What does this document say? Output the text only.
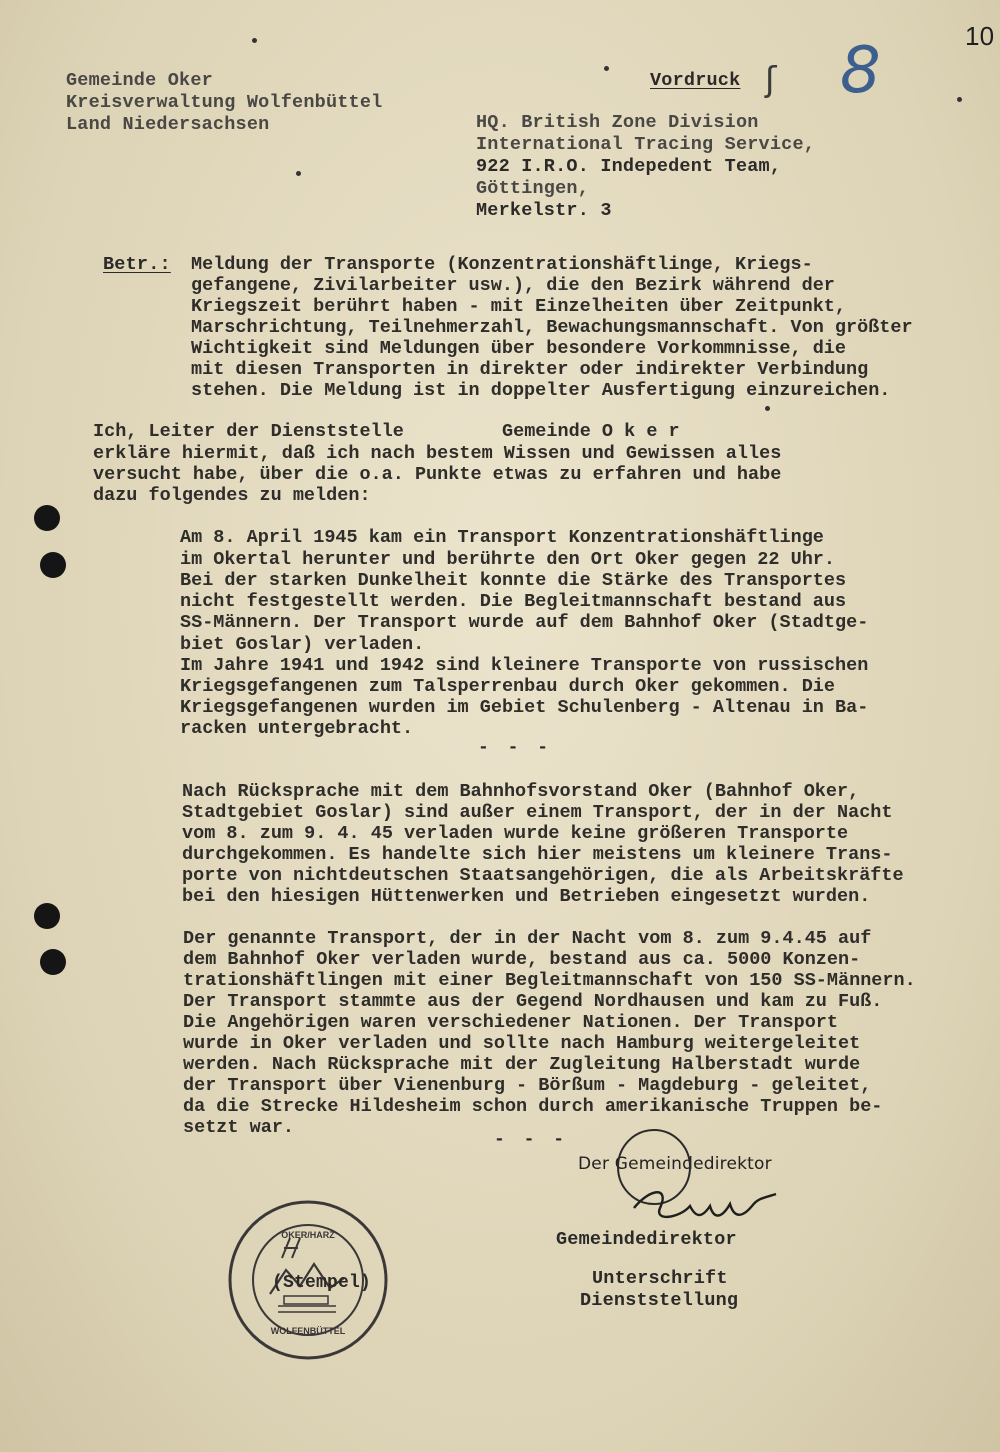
10
Gemeinde Oker
Kreisverwaltung Wolfenbüttel
Land Niedersachsen
Vordruck 8
ʃ
HQ. British Zone Division
International Tracing Service,
922 I.R.O. Indepedent Team,
Göttingen,
Merkelstr. 3
Betr.: Meldung der Transporte (Konzentrationshäftlinge, Kriegs-
gefangene, Zivilarbeiter usw.), die den Bezirk während der
Kriegszeit berührt haben - mit Einzelheiten über Zeitpunkt,
Marschrichtung, Teilnehmerzahl, Bewachungsmannschaft. Von größter
Wichtigkeit sind Meldungen über besondere Vorkommnisse, die
mit diesen Transporten in direkter oder indirekter Verbindung
stehen. Die Meldung ist in doppelter Ausfertigung einzureichen.
Ich, Leiter der Dienststelle	Gemeinde O k e r
erkläre hiermit, daß ich nach bestem Wissen und Gewissen alles
versucht habe, über die o.a. Punkte etwas zu erfahren und habe
dazu folgendes zu melden:
Am 8. April 1945 kam ein Transport Konzentrationshäftlinge
im Okertal herunter und berührte den Ort Oker gegen 22 Uhr.
Bei der starken Dunkelheit konnte die Stärke des Transportes
nicht festgestellt werden. Die Begleitmannschaft bestand aus
SS-Männern. Der Transport wurde auf dem Bahnhof Oker (Stadtge-
biet Goslar) verladen.
Im Jahre 1941 und 1942 sind kleinere Transporte von russischen
Kriegsgefangenen zum Talsperrenbau durch Oker gekommen. Die
Kriegsgefangenen wurden im Gebiet Schulenberg - Altenau in Ba-
racken untergebracht.
- - -
Nach Rücksprache mit dem Bahnhofsvorstand Oker (Bahnhof Oker,
Stadtgebiet Goslar) sind außer einem Transport, der in der Nacht
vom 8. zum 9. 4. 45 verladen wurde keine größeren Transporte
durchgekommen. Es handelte sich hier meistens um kleinere Trans-
porte von nichtdeutschen Staatsangehörigen, die als Arbeitskräfte
bei den hiesigen Hüttenwerken und Betrieben eingesetzt wurden.
Der genannte Transport, der in der Nacht vom 8. zum 9.4.45 auf
dem Bahnhof Oker verladen wurde, bestand aus ca. 5000 Konzen-
trationshäftlingen mit einer Begleitmannschaft von 150 SS-Männern.
Der Transport stammte aus der Gegend Nordhausen und kam zu Fuß.
Die Angehörigen waren verschiedener Nationen. Der Transport
wurde in Oker verladen und sollte nach Hamburg weitergeleitet
werden. Nach Rücksprache mit der Zugleitung Halberstadt wurde
der Transport über Vienenburg - Börßum - Magdeburg - geleitet,
da die Strecke Hildesheim schon durch amerikanische Truppen be-
setzt war.
- - -
Der Gemeindedirektor
Gemeindedirektor
Unterschrift
Dienststellung
OKER/HARZ
WOLFENBÜTTEL
(Stempel)
